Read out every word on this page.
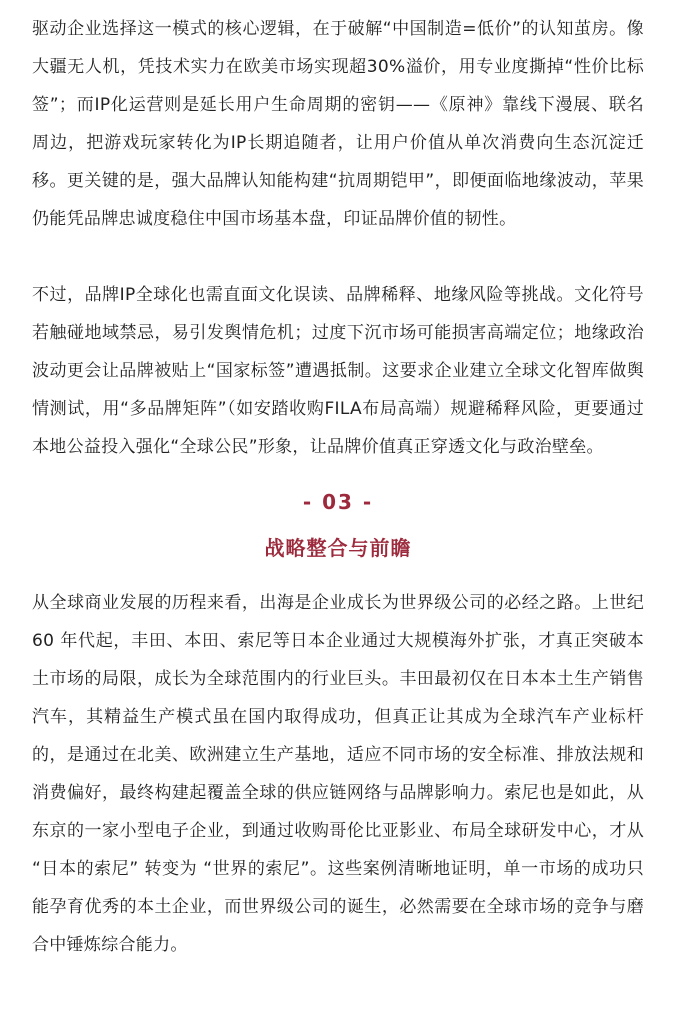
驱动企业选择这一模式的核心逻辑，在于破解“中国制造=低价”的认知茧房。像大疆无人机，凭技术实力在欧美市场实现超30%溢价，用专业度撕掉“性价比标签”；而IP化运营则是延长用户生命周期的密钥——《原神》靠线下漫展、联名周边，把游戏玩家转化为IP长期追随者，让用户价值从单次消费向生态沉淀迁移。更关键的是，强大品牌认知能构建“抗周期铠甲”，即便面临地缘波动，苹果仍能凭品牌忠诚度稳住中国市场基本盘，印证品牌价值的韧性。

不过，品牌IP全球化也需直面文化误读、品牌稀释、地缘风险等挑战。文化符号若触碰地域禁忌，易引发舆情危机；过度下沉市场可能损害高端定位；地缘政治波动更会让品牌被贴上“国家标签”遭遇抵制。这要求企业建立全球文化智库做舆情测试，用“多品牌矩阵”（如安踏收购FILA布局高端）规避稀释风险，更要通过本地公益投入强化“全球公民”形象，让品牌价值真正穿透文化与政治壁垒。

- 03 -
战略整合与前瞻

从全球商业发展的历程来看，出海是企业成长为世界级公司的必经之路。上世纪 60 年代起，丰田、本田、索尼等日本企业通过大规模海外扩张，才真正突破本土市场的局限，成长为全球范围内的行业巨头。丰田最初仅在日本本土生产销售汽车，其精益生产模式虽在国内取得成功，但真正让其成为全球汽车产业标杆的，是通过在北美、欧洲建立生产基地，适应不同市场的安全标准、排放法规和消费偏好，最终构建起覆盖全球的供应链网络与品牌影响力。索尼也是如此，从东京的一家小型电子企业，到通过收购哥伦比亚影业、布局全球研发中心，才从 “日本的索尼” 转变为 “世界的索尼”。这些案例清晰地证明，单一市场的成功只能孕育优秀的本土企业，而世界级公司的诞生，必然需要在全球市场的竞争与磨合中锤炼综合能力。
